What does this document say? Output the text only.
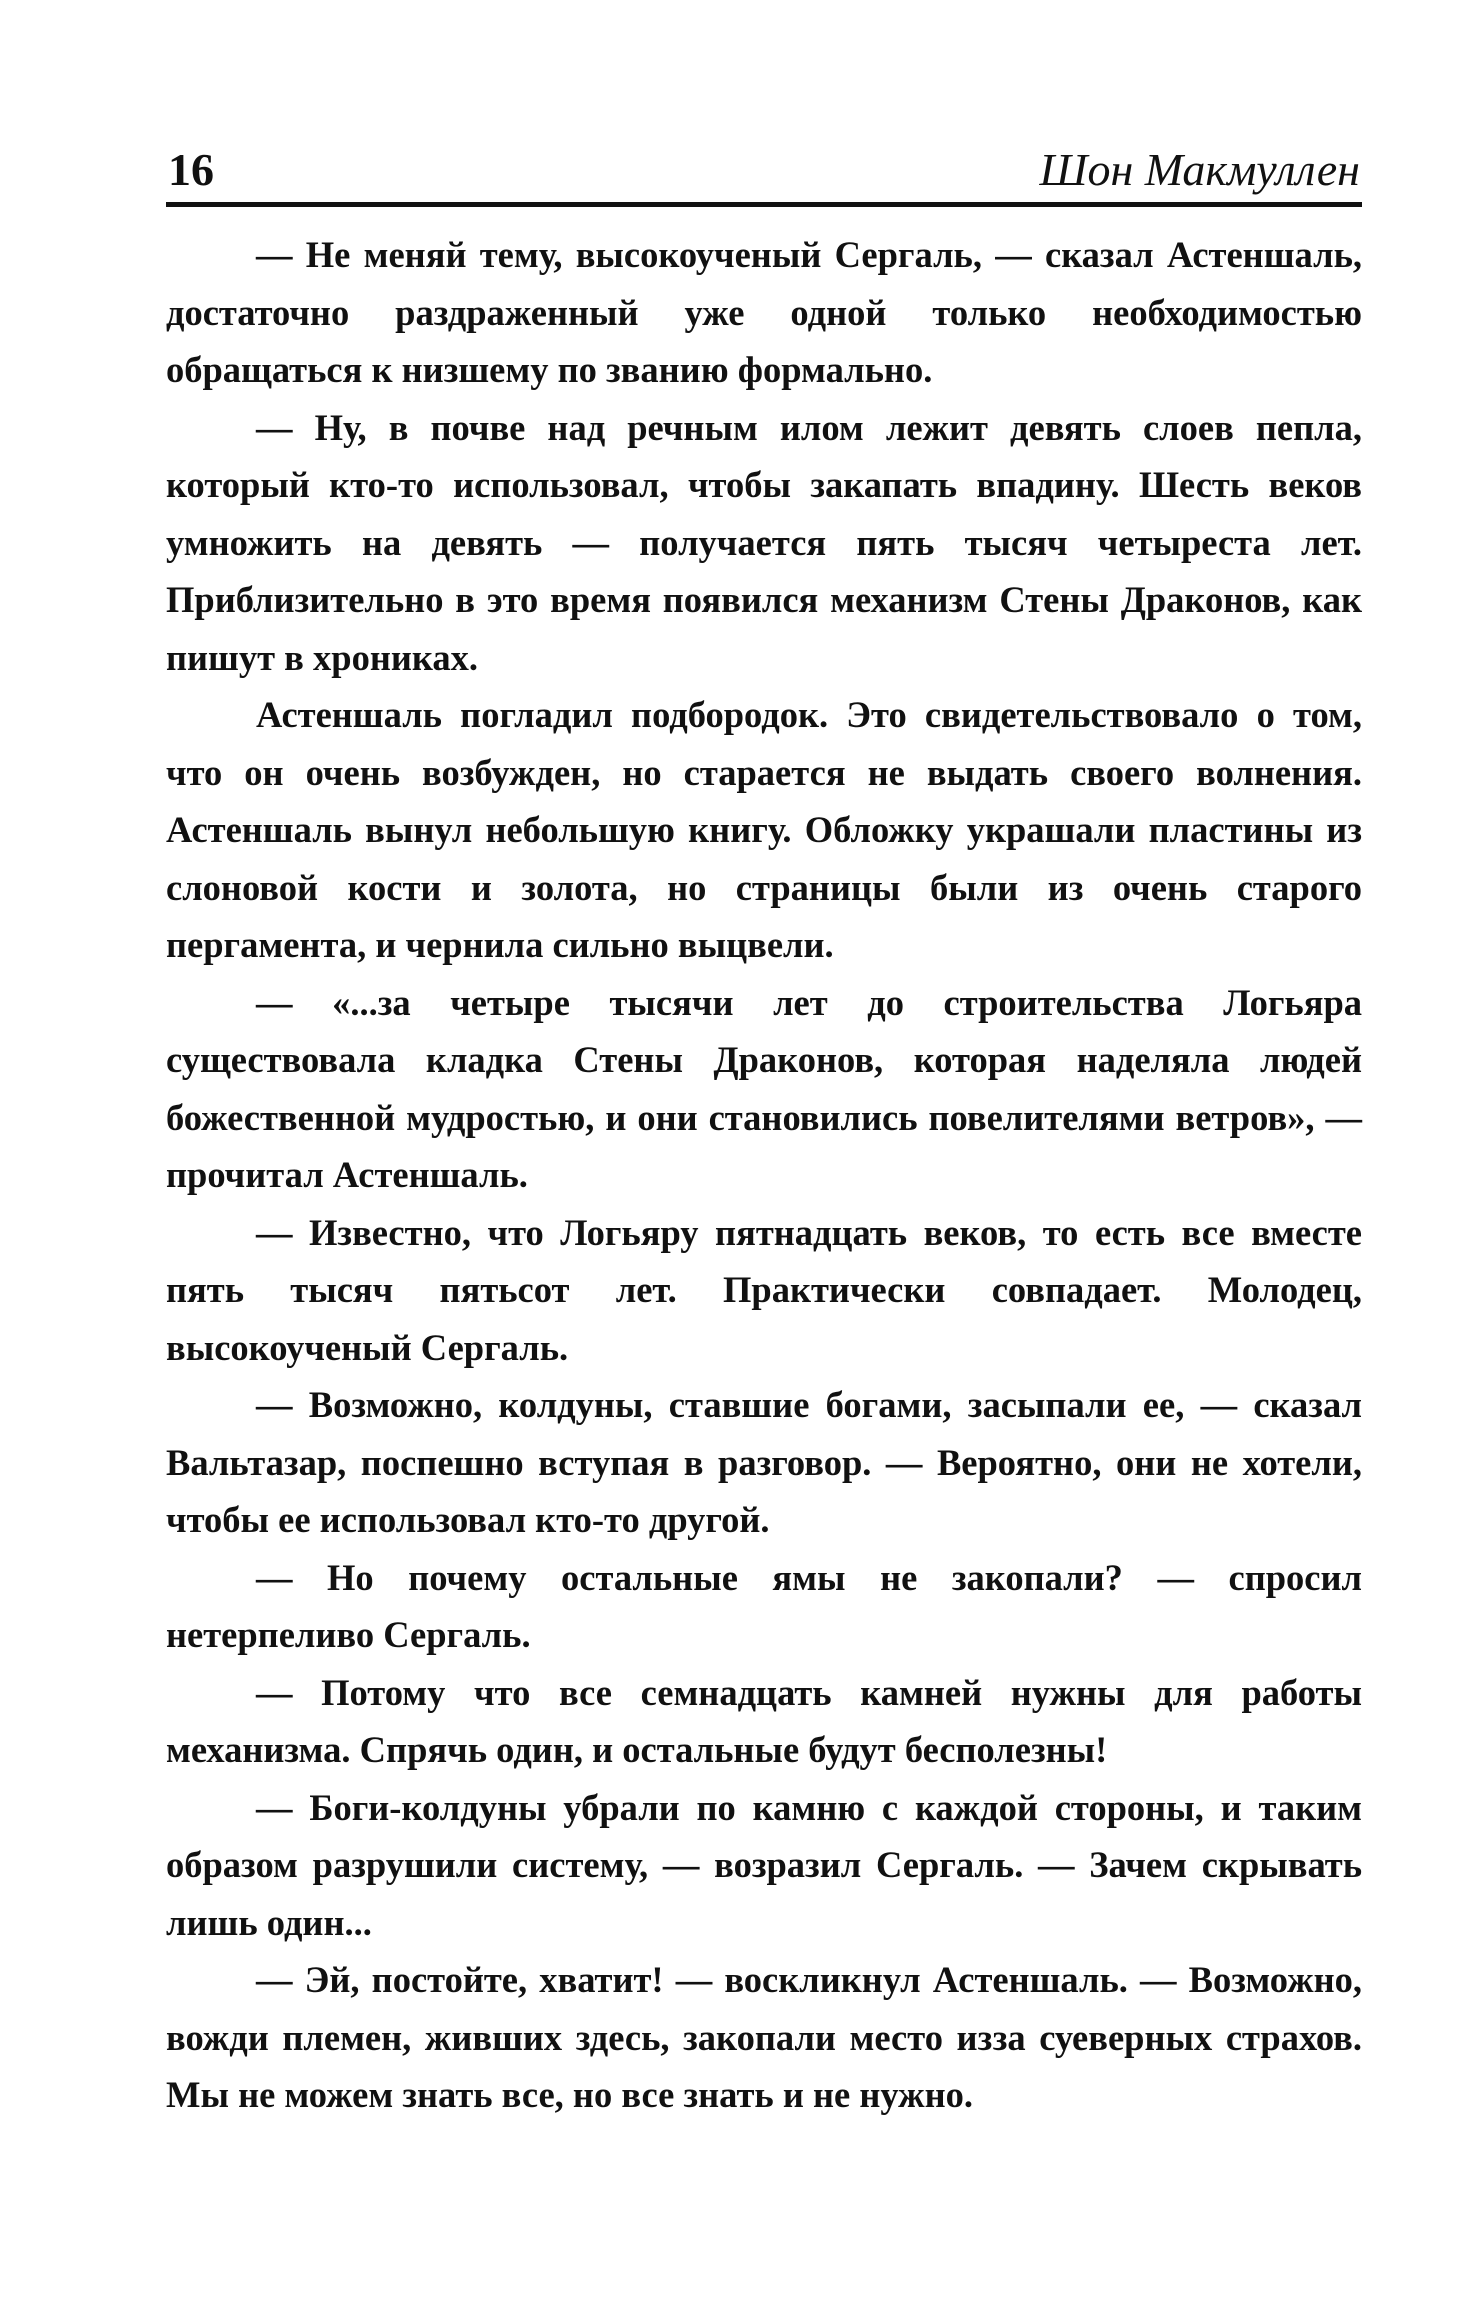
16	Шон Макмуллен

— Не меняй тему, высокоученый Сергаль, — сказал Астеншаль, достаточно раздраженный уже одной только необходимостью обращаться к низшему по званию формально.

— Ну, в почве над речным илом лежит девять слоев пепла, который кто-то использовал, чтобы закапать впадину. Шесть веков умножить на девять — получается пять тысяч четыреста лет. Приблизительно в это время появился механизм Стены Драконов, как пишут в хрониках.

Астеншаль погладил подбородок. Это свидетельствовало о том, что он очень возбужден, но старается не выдать своего волнения. Астеншаль вынул небольшую книгу. Обложку украшали пластины из слоновой кости и золота, но страницы были из очень старого пергамента, и чернила сильно выцвели.

— «...за четыре тысячи лет до строительства Логьяра существовала кладка Стены Драконов, которая наделяла людей божественной мудростью, и они становились повелителями ветров», — прочитал Астеншаль.

— Известно, что Логьяру пятнадцать веков, то есть все вместе пять тысяч пятьсот лет. Практически совпадает. Молодец, высокоученый Сергаль.

— Возможно, колдуны, ставшие богами, засыпали ее, — сказал Вальтазар, поспешно вступая в разговор. — Вероятно, они не хотели, чтобы ее использовал кто-то другой.

— Но почему остальные ямы не закопали? — спросил нетерпеливо Сергаль.

— Потому что все семнадцать камней нужны для работы механизма. Спрячь один, и остальные будут бесполезны!

— Боги-колдуны убрали по камню с каждой стороны, и таким образом разрушили систему, — возразил Сергаль. — Зачем скрывать лишь один...

— Эй, постойте, хватит! — воскликнул Астеншаль. — Возможно, вожди племен, живших здесь, закопали место изза суеверных страхов. Мы не можем знать все, но все знать и не нужно.
